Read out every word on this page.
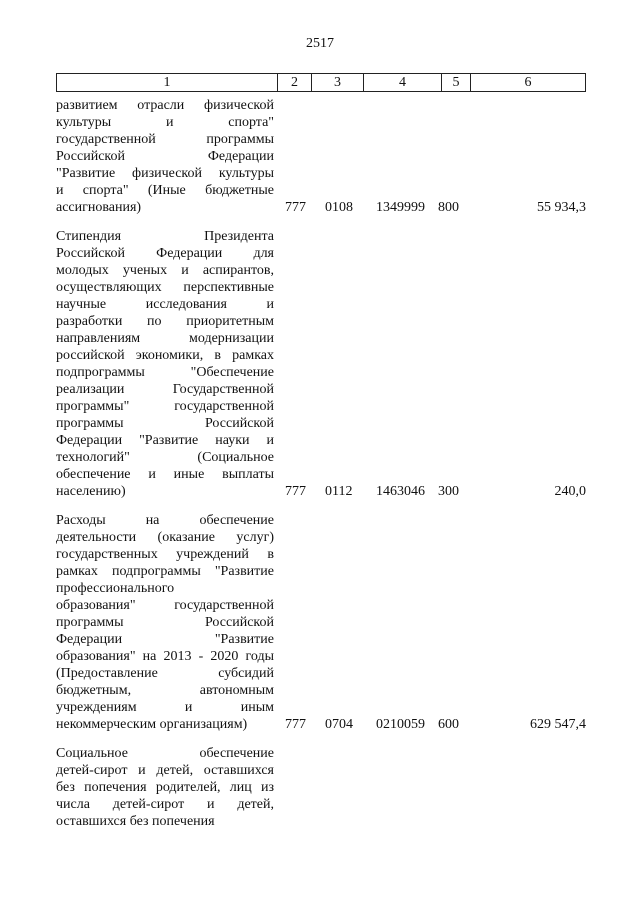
2517
1	2	3	4	5	6
развитием отрасли физической
культуры и спорта"
государственной программы
Российской Федерации
"Развитие физической культуры
и спорта" (Иные бюджетные
ассигнования)	777 0108 1349999 800	55 934,3
Стипендия Президента
Российской Федерации для
молодых ученых и аспирантов,
осуществляющих перспективные
научные исследования и
разработки по приоритетным
направлениям модернизации
российской экономики, в рамках
подпрограммы "Обеспечение
реализации Государственной
программы" государственной
программы Российской
Федерации "Развитие науки и
технологий" (Социальное
обеспечение и иные выплаты
населению)	777 0112 1463046 300	240,0
Расходы на обеспечение
деятельности (оказание услуг)
государственных учреждений в
рамках подпрограммы "Развитие
профессионального
образования" государственной
программы Российской
Федерации "Развитие
образования" на 2013 - 2020 годы
(Предоставление субсидий
бюджетным, автономным
учреждениям и иным
некоммерческим организациям)	777 0704 0210059 600	629 547,4
Социальное обеспечение
детей-сирот и детей, оставшихся
без попечения родителей, лиц из
числа детей-сирот и детей,
оставшихся без попечения
